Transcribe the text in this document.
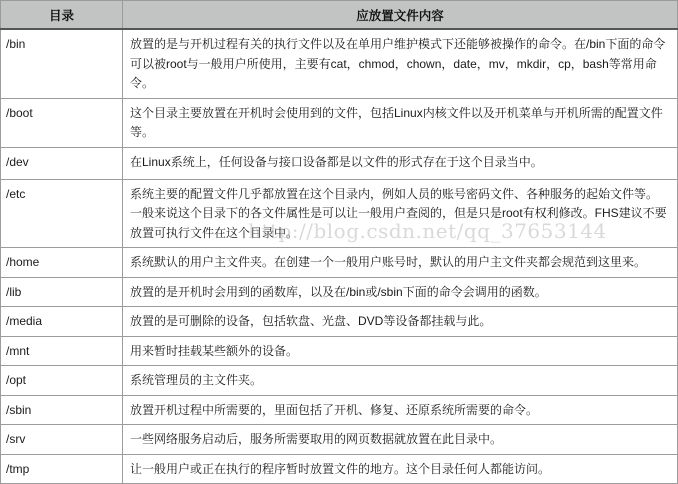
目录	应放置文件内容
/bin	放置的是与开机过程有关的执行文件以及在单用户维护模式下还能够被操作的命令。在/bin下面的命令可以被root与一般用户所使用，主要有cat，chmod，chown，date，mv，mkdir，cp，bash等常用命令。
/boot	这个目录主要放置在开机时会使用到的文件，包括Linux内核文件以及开机菜单与开机所需的配置文件等。
/dev	在Linux系统上，任何设备与接口设备都是以文件的形式存在于这个目录当中。
/etc	系统主要的配置文件几乎都放置在这个目录内，例如人员的账号密码文件、各种服务的起始文件等。一般来说这个目录下的各文件属性是可以让一般用户查阅的，但是只是root有权利修改。FHS建议不要放置可执行文件在这个目录中。
/home	系统默认的用户主文件夹。在创建一个一般用户账号时，默认的用户主文件夹都会规范到这里来。
/lib	放置的是开机时会用到的函数库，以及在/bin或/sbin下面的命令会调用的函数。
/media	放置的是可删除的设备，包括软盘、光盘、DVD等设备都挂载与此。
/mnt	用来暂时挂载某些额外的设备。
/opt	系统管理员的主文件夹。
/sbin	放置开机过程中所需要的，里面包括了开机、修复、还原系统所需要的命令。
/srv	一些网络服务启动后，服务所需要取用的网页数据就放置在此目录中。
/tmp	让一般用户或正在执行的程序暂时放置文件的地方。这个目录任何人都能访问。
http://blog.csdn.net/qq_37653144
